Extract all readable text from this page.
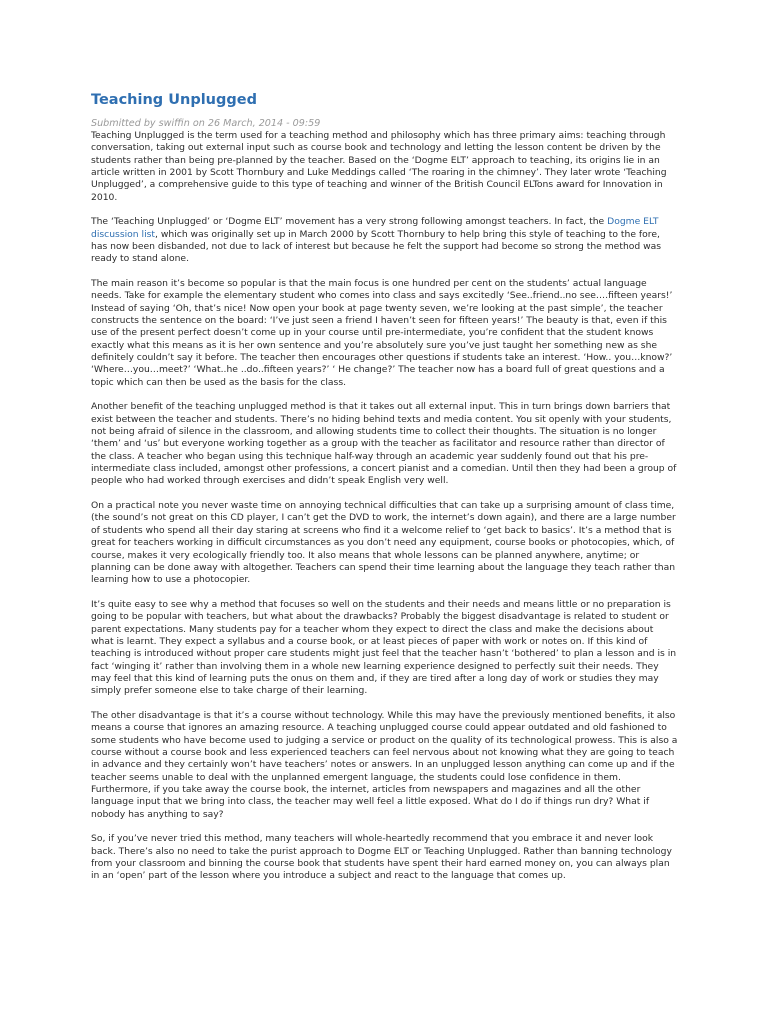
Teaching Unplugged

Submitted by swiffin on 26 March, 2014 - 09:59

Teaching Unplugged is the term used for a teaching method and philosophy which has three primary aims: teaching through conversation, taking out external input such as course book and technology and letting the lesson content be driven by the students rather than being pre-planned by the teacher. Based on the ‘Dogme ELT’ approach to teaching, its origins lie in an article written in 2001 by Scott Thornbury and Luke Meddings called ‘The roaring in the chimney’. They later wrote ‘Teaching Unplugged’, a comprehensive guide to this type of teaching and winner of the British Council ELTons award for Innovation in 2010.

The ‘Teaching Unplugged’ or ‘Dogme ELT’ movement has a very strong following amongst teachers. In fact, the Dogme ELT discussion list, which was originally set up in March 2000 by Scott Thornbury to help bring this style of teaching to the fore, has now been disbanded, not due to lack of interest but because he felt the support had become so strong the method was ready to stand alone.

The main reason it’s become so popular is that the main focus is one hundred per cent on the students’ actual language needs. Take for example the elementary student who comes into class and says excitedly ‘See..friend..no see….fifteen years!’ Instead of saying ‘Oh, that’s nice! Now open your book at page twenty seven, we’re looking at the past simple’, the teacher constructs the sentence on the board: ‘I’ve just seen a friend I haven’t seen for fifteen years!’ The beauty is that, even if this use of the present perfect doesn’t come up in your course until pre-intermediate, you’re confident that the student knows exactly what this means as it is her own sentence and you’re absolutely sure you’ve just taught her something new as she definitely couldn’t say it before. The teacher then encourages other questions if students take an interest. ‘How.. you…know?’ ‘Where…you…meet?’ ‘What..he ..do..fifteen years?’ ‘ He change?’ The teacher now has a board full of great questions and a topic which can then be used as the basis for the class.

Another benefit of the teaching unplugged method is that it takes out all external input. This in turn brings down barriers that exist between the teacher and students. There’s no hiding behind texts and media content. You sit openly with your students, not being afraid of silence in the classroom, and allowing students time to collect their thoughts. The situation is no longer ‘them’ and ‘us’ but everyone working together as a group with the teacher as facilitator and resource rather than director of the class. A teacher who began using this technique half-way through an academic year suddenly found out that his pre-intermediate class included, amongst other professions, a concert pianist and a comedian. Until then they had been a group of people who had worked through exercises and didn’t speak English very well.

On a practical note you never waste time on annoying technical difficulties that can take up a surprising amount of class time, (the sound’s not great on this CD player, I can’t get the DVD to work, the internet’s down again), and there are a large number of students who spend all their day staring at screens who find it a welcome relief to ‘get back to basics’. It’s a method that is great for teachers working in difficult circumstances as you don’t need any equipment, course books or photocopies, which, of course, makes it very ecologically friendly too. It also means that whole lessons can be planned anywhere, anytime; or planning can be done away with altogether. Teachers can spend their time learning about the language they teach rather than learning how to use a photocopier.

It’s quite easy to see why a method that focuses so well on the students and their needs and means little or no preparation is going to be popular with teachers, but what about the drawbacks? Probably the biggest disadvantage is related to student or parent expectations. Many students pay for a teacher whom they expect to direct the class and make the decisions about what is learnt. They expect a syllabus and a course book, or at least pieces of paper with work or notes on. If this kind of teaching is introduced without proper care students might just feel that the teacher hasn’t ‘bothered’ to plan a lesson and is in fact ‘winging it’ rather than involving them in a whole new learning experience designed to perfectly suit their needs. They may feel that this kind of learning puts the onus on them and, if they are tired after a long day of work or studies they may simply prefer someone else to take charge of their learning.

The other disadvantage is that it’s a course without technology. While this may have the previously mentioned benefits, it also means a course that ignores an amazing resource. A teaching unplugged course could appear outdated and old fashioned to some students who have become used to judging a service or product on the quality of its technological prowess. This is also a course without a course book and less experienced teachers can feel nervous about not knowing what they are going to teach in advance and they certainly won’t have teachers’ notes or answers. In an unplugged lesson anything can come up and if the teacher seems unable to deal with the unplanned emergent language, the students could lose confidence in them. Furthermore, if you take away the course book, the internet, articles from newspapers and magazines and all the other language input that we bring into class, the teacher may well feel a little exposed. What do I do if things run dry? What if nobody has anything to say?

So, if you’ve never tried this method, many teachers will whole-heartedly recommend that you embrace it and never look back. There’s also no need to take the purist approach to Dogme ELT or Teaching Unplugged. Rather than banning technology from your classroom and binning the course book that students have spent their hard earned money on, you can always plan in an ‘open’ part of the lesson where you introduce a subject and react to the language that comes up.
